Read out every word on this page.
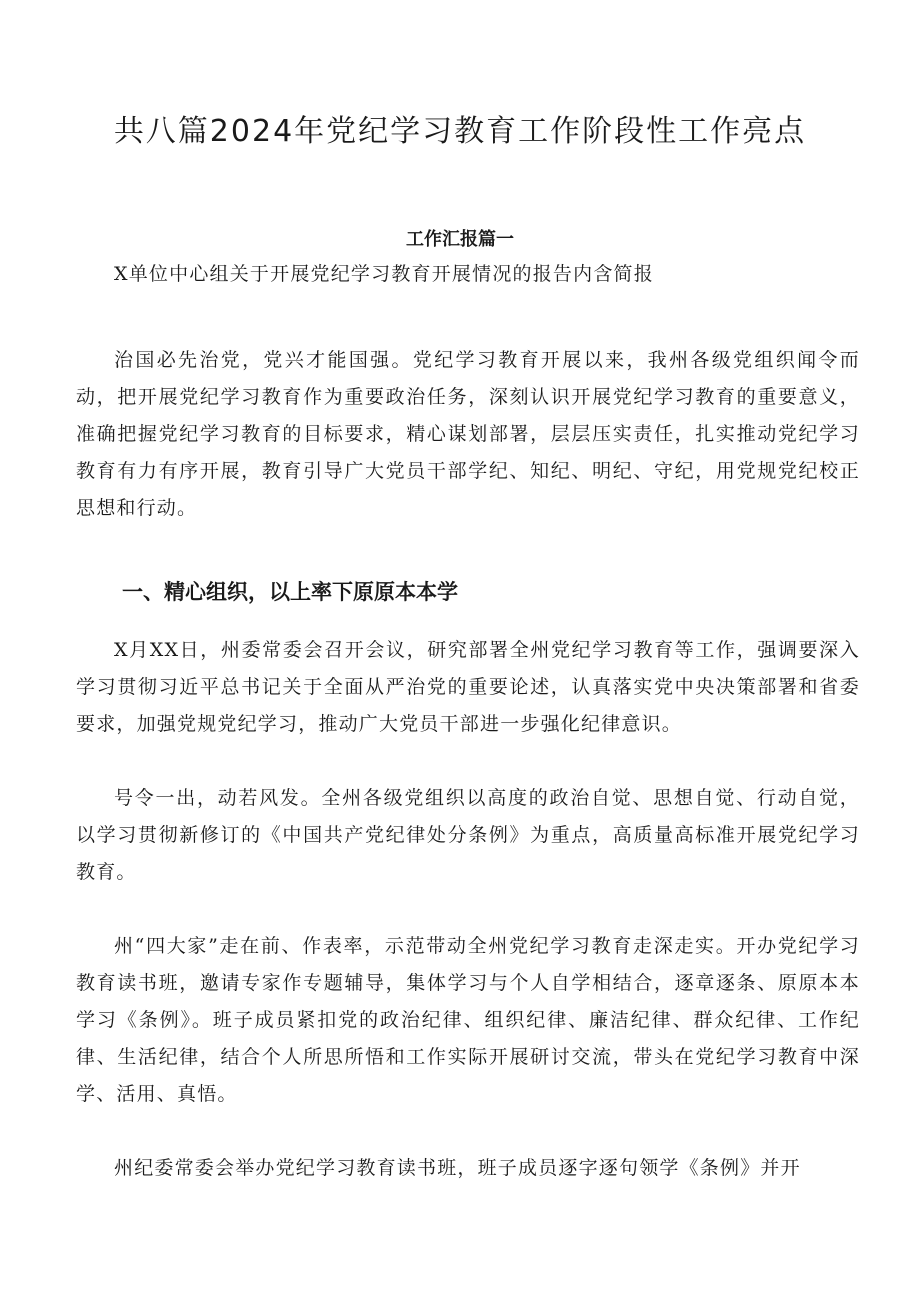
共八篇2024年党纪学习教育工作阶段性工作亮点
工作汇报篇一

X单位中心组关于开展党纪学习教育开展情况的报告内含简报

治国必先治党，党兴才能国强。党纪学习教育开展以来，我州各级党组织闻令而动，把开展党纪学习教育作为重要政治任务，深刻认识开展党纪学习教育的重要意义，准确把握党纪学习教育的目标要求，精心谋划部署，层层压实责任，扎实推动党纪学习教育有力有序开展，教育引导广大党员干部学纪、知纪、明纪、守纪，用党规党纪校正思想和行动。

一、精心组织，以上率下原原本本学

X月XX日，州委常委会召开会议，研究部署全州党纪学习教育等工作，强调要深入学习贯彻习近平总书记关于全面从严治党的重要论述，认真落实党中央决策部署和省委要求，加强党规党纪学习，推动广大党员干部进一步强化纪律意识。

号令一出，动若风发。全州各级党组织以高度的政治自觉、思想自觉、行动自觉，以学习贯彻新修订的《中国共产党纪律处分条例》为重点，高质量高标准开展党纪学习教育。

州“四大家”走在前、作表率，示范带动全州党纪学习教育走深走实。开办党纪学习教育读书班，邀请专家作专题辅导，集体学习与个人自学相结合，逐章逐条、原原本本学习《条例》。班子成员紧扣党的政治纪律、组织纪律、廉洁纪律、群众纪律、工作纪律、生活纪律，结合个人所思所悟和工作实际开展研讨交流，带头在党纪学习教育中深学、活用、真悟。

州纪委常委会举办党纪学习教育读书班，班子成员逐字逐句领学《条例》并开
